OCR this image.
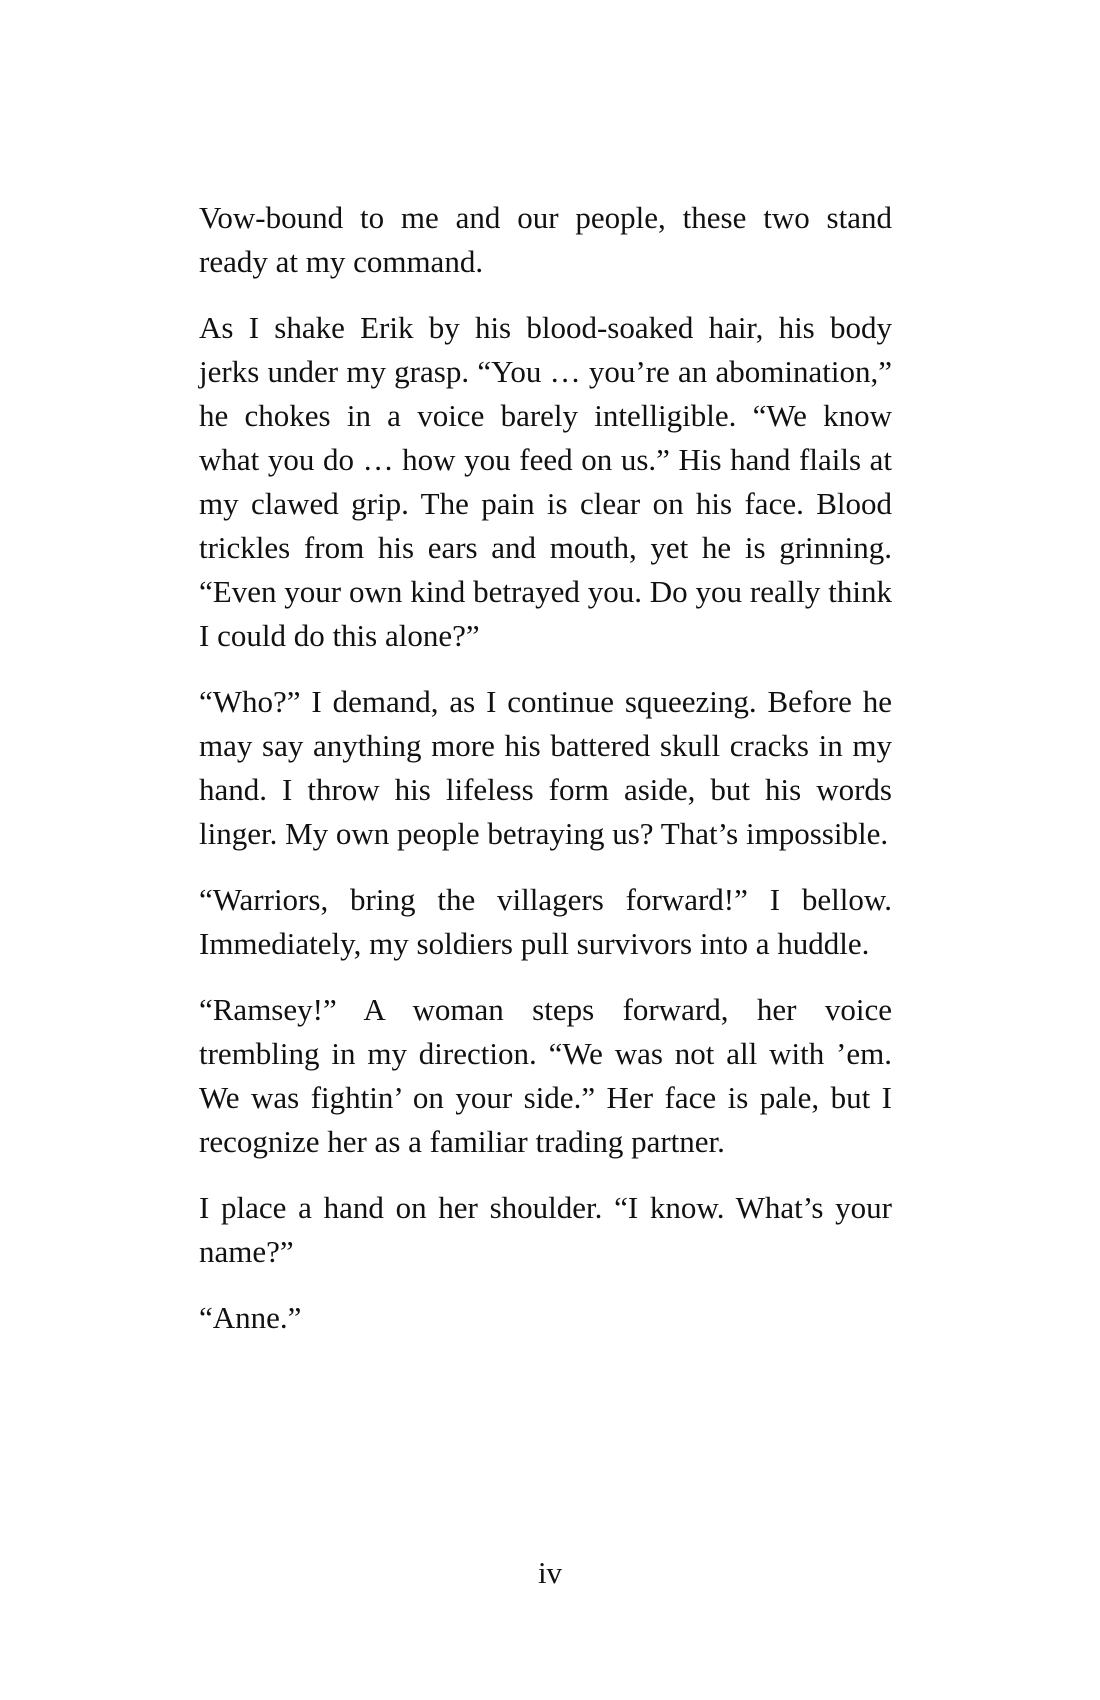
Vow-bound to me and our people, these two stand ready at my command.

As I shake Erik by his blood-soaked hair, his body jerks under my grasp. “You … you’re an abomination,” he chokes in a voice barely intelligible. “We know what you do … how you feed on us.” His hand flails at my clawed grip. The pain is clear on his face. Blood trickles from his ears and mouth, yet he is grinning. “Even your own kind betrayed you. Do you really think I could do this alone?”

“Who?” I demand, as I continue squeezing. Before he may say anything more his battered skull cracks in my hand. I throw his lifeless form aside, but his words linger. My own people betraying us? That’s impossible.

“Warriors, bring the villagers forward!” I bellow. Immediately, my soldiers pull survivors into a huddle.

“Ramsey!” A woman steps forward, her voice trembling in my direction. “We was not all with ’em. We was fightin’ on your side.” Her face is pale, but I recognize her as a familiar trading partner.

I place a hand on her shoulder. “I know. What’s your name?”

“Anne.”

iv
